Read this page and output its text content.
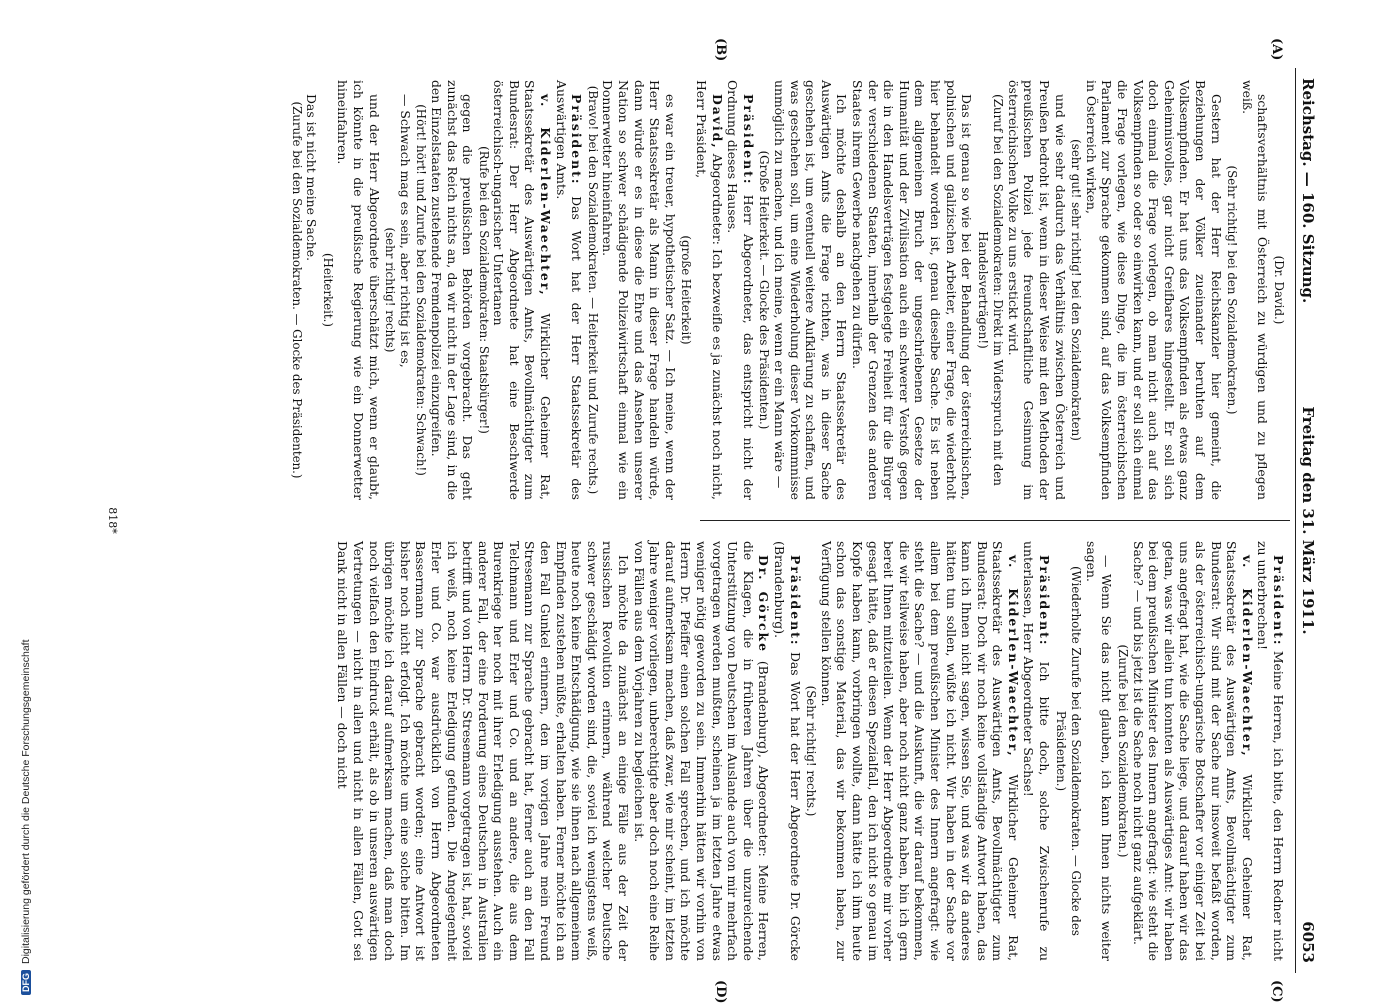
Reichstag. — 160. Sitzung.
Freitag den 31. März 1911.
6053
(A)
(B)
(C)
(D)

(Dr. David.)

schaftsverhältnis mit Österreich zu würdigen und zu pflegen weiß.

(Sehr richtig! bei den Sozialdemokraten.)

Gestern hat der Herr Reichskanzler hier gemeint, die Beziehungen der Völker zueinander beruhten auf dem Volksempfinden. Er hat uns das Volksempfinden als etwas ganz Geheimnisvolles, gar nicht Greifbares hingestellt. Er soll sich doch einmal die Frage vorlegen, ob man nicht auch auf das Volksempfinden so oder so einwirken kann, und er soll sich einmal die Frage vorlegen, wie diese Dinge, die im österreichischen Parlament zur Sprache gekommen sind, auf das Volksempfinden in Österreich wirken,

(sehr gut! sehr richtig! bei den Sozialdemokraten)

und wie sehr dadurch das Verhältnis zwischen Österreich und Preußen bedroht ist, wenn in dieser Weise mit den Methoden der preußischen Polizei jede freundschaftliche Gesinnung im österreichischen Volke zu uns erstickt wird.

(Zuruf bei den Sozialdemokraten: Direkt im Widerspruch mit den Handelsverträgen!)

Das ist genau so wie bei der Behandlung der österreichischen, polnischen und galizischen Arbeiter, einer Frage, die wiederholt hier behandelt worden ist, genau dieselbe Sache. Es ist neben dem allgemeinen Bruch der ungeschriebenen Gesetze der Humanität und der Zivilisation auch ein schwerer Verstoß gegen die in den Handelsverträgen festgelegte Freiheit für die Bürger der verschiedenen Staaten, innerhalb der Grenzen des anderen Staates ihrem Gewerbe nachgehen zu dürfen.

Ich möchte deshalb an den Herrn Staatssekretär des Auswärtigen Amts die Frage richten, was in dieser Sache geschehen ist, um eventuell weitere Aufklärung zu schaffen, und was geschehen soll, um eine Wiederholung dieser Vorkommnisse unmöglich zu machen, und ich meine, wenn er ein Mann wäre —

(Große Heiterkeit. — Glocke des Präsidenten.)

Präsident: Herr Abgeordneter, das entspricht nicht der Ordnung dieses Hauses.

David, Abgeordneter: Ich bezweifle es ja zunächst noch nicht, Herr Präsident,

(große Heiterkeit)

es war ein treuer, hypothetischer Satz. — Ich meine, wenn der Herr Staatssekretär als Mann in dieser Frage handeln würde, dann würde er es in diese die Ehre und das Ansehen unserer Nation so schwer schädigende Polizeiwirtschaft einmal wie ein Donnerwetter hineinfahren.

(Bravo! bei den Sozialdemokraten. — Heiterkeit und Zurufe rechts.)

Präsident: Das Wort hat der Herr Staatssekretär des Auswärtigen Amts.

v. Kiderlen-Waechter, Wirklicher Geheimer Rat, Staatssekretär des Auswärtigen Amts, Bevollmächtigter zum Bundesrat: Der Herr Abgeordnete hat eine Beschwerde österreichisch-ungarischer Untertanen

(Rufe bei den Sozialdemokraten: Staatsbürger!)

gegen die preußischen Behörden vorgebracht. Das geht zunächst das Reich nichts an, da wir nicht in der Lage sind, in die den Einzelstaaten zustehende Fremdenpolizei einzugreifen.

(Hört! hört! und Zurufe bei den Sozialdemokraten: Schwach!)

— Schwach mag es sein, aber richtig ist es,

(sehr richtig! rechts)

und der Herr Abgeordnete überschätzt mich, wenn er glaubt, ich könnte in die preußische Regierung wie ein Donnerwetter hineinfahren.

(Heiterkeit.)

Das ist nicht meine Sache.

(Zurufe bei den Sozialdemokraten. — Glocke des Präsidenten.)

Präsident: Meine Herren, ich bitte, den Herrn Redner nicht zu unterbrechen!

v. Kiderlen-Waechter, Wirklicher Geheimer Rat, Staatssekretär des Auswärtigen Amts, Bevollmächtigter zum Bundesrat: Wir sind mit der Sache nur insoweit befaßt worden, als der österreichisch-ungarische Botschafter vor einiger Zeit bei uns angefragt hat, wie die Sache liege, und darauf haben wir das getan, was wir allein tun konnten als Auswärtiges Amt: wir haben bei dem preußischen Minister des Innern angefragt: wie steht die Sache? — und bis jetzt ist die Sache noch nicht ganz aufgeklärt.

(Zurufe bei den Sozialdemokraten.)

— Wenn Sie das nicht glauben, ich kann Ihnen nichts weiter sagen.

(Wiederholte Zurufe bei den Sozialdemokraten. — Glocke des Präsidenten.)

Präsident: Ich bitte doch, solche Zwischenrufe zu unterlassen, Herr Abgeordneter Sachse!

v. Kiderlen-Waechter, Wirklicher Geheimer Rat, Staatssekretär des Auswärtigen Amts, Bevollmächtigter zum Bundesrat: Doch wir noch keine vollständige Antwort haben, das kann ich Ihnen nicht sagen, wissen Sie, und was wir da anderes hätten tun sollen, wüßte ich nicht. Wir haben in der Sache vor allem bei dem preußischen Minister des Innern angefragt: wie steht die Sache? — und die Auskunft, die wir darauf bekommen, die wir teilweise haben, aber noch nicht ganz haben, bin ich gern bereit Ihnen mitzuteilen. Wenn der Herr Abgeordnete mir vorher gesagt hätte, daß er diesen Spezialfall, den ich nicht so genau im Kopfe haben kann, vorbringen wollte, dann hätte ich ihm heute schon das sonstige Material, das wir bekommen haben, zur Verfügung stellen können.

(Sehr richtig! rechts.)

Präsident: Das Wort hat der Herr Abgeordnete Dr. Görcke (Brandenburg).

Dr. Görcke (Brandenburg), Abgeordneter: Meine Herren, die Klagen, die in früheren Jahren über die unzureichende Unterstützung von Deutschen im Auslande auch von mir mehrfach vorgetragen werden mußten, scheinen ja im letzten Jahre etwas weniger nötig geworden zu sein. Immerhin hätten wir vorhin von Herrn Dr. Pfeiffer einen solchen Fall sprechen, und ich möchte darauf aufmerksam machen, daß zwar, wie mir scheint, im letzten Jahre weniger vorliegen, unberechtigte aber doch noch eine Reihe von Fällen aus dem Vorjahren zu begleichen ist.

Ich möchte da zunächst an einige Fälle aus der Zeit der russischen Revolution erinnern, während welcher Deutsche schwer geschädigt worden sind, die, soviel ich wenigstens weiß, heute noch keine Entschädigung, wie sie ihnen nach allgemeinem Empfinden zustehen müßte, erhalten haben. Ferner möchte ich an den Fall Gunkel erinnern, den im vorigen Jahre mein Freund Stresemann zur Sprache gebracht hat, ferner auch an den Fall Telchmann und Erler und Co. und an andere, die aus dem Burenkriege her noch mit ihrer Erledigung ausstehen. Auch ein anderer Fall, der eine Forderung eines Deutschen in Australien betrifft und von Herrn Dr. Stresemann vorgetragen ist, hat, soviel ich weiß, noch keine Erledigung gefunden. Die Angelegenheit Erler und Co. war ausdrücklich von Herrn Abgeordneten Bassermann zur Sprache gebracht worden; eine Antwort ist bisher noch nicht erfolgt. Ich möchte um eine solche bitten. Im übrigen möchte ich darauf aufmerksam machen, daß man doch noch vielfach den Eindruck erhält, als ob in unseren auswärtigen Vertretungen — nicht in allen und nicht in allen Fällen, Gott sei Dank nicht in allen Fällen — doch nicht

818*
DFGDigitalisierung gefördert durch die Deutsche Forschungsgemeinschaft
